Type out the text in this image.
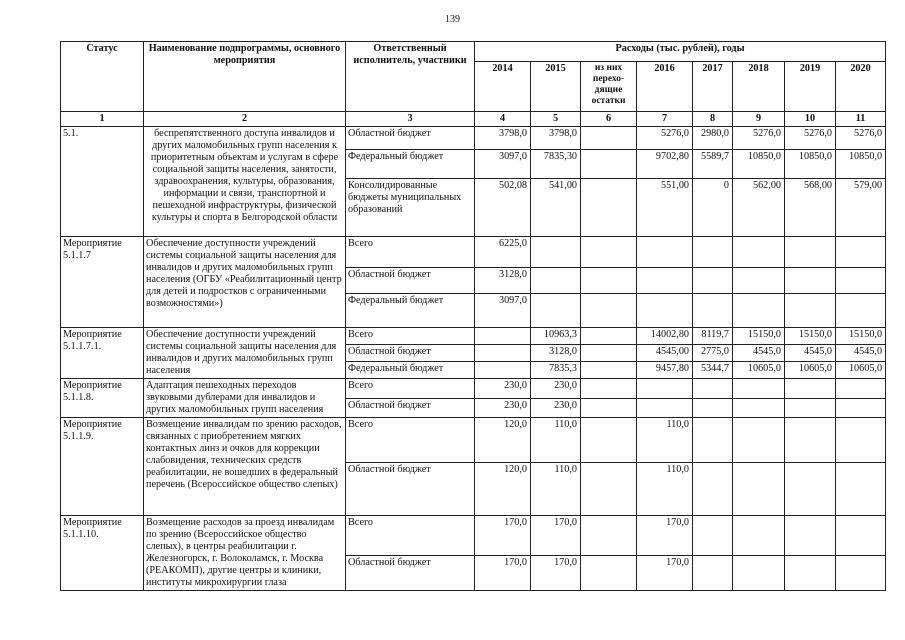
139
Статус	Наименование подпрограммы, основного мероприятия	Ответственный исполнитель, участники	Расходы (тыс. рублей), годы							
			2014	2015	из них перехо-дящие остатки	2016	2017	2018	2019	2020
1	2	3	4	5	6	7	8	9	10	11
5.1.	беспрепятственного доступа инвалидов и других маломобильных групп населения к приоритетным объектам и услугам в сфере социальной защиты населения, занятости, здравоохранения, культуры, образования, информации и связи, транспортной и пешеходной инфраструктуры, физической культуры и спорта в Белгородской области	Областной бюджет	3798,0	3798,0		5276,0	2980,0	5276,0	5276,0	5276,0
		Федеральный бюджет	3097,0	7835,30		9702,80	5589,7	10850,0	10850,0	10850,0
		Консолидированные бюджеты муниципальных образований	502,08	541,00		551,00	0	562,00	568,00	579,00
Мероприятие 5.1.1.7	Обеспечение доступности учреждений системы социальной защиты населения для инвалидов и других маломобильных групп населения (ОГБУ «Реабилитационный центр для детей и подростков с ограниченными возможностями»)	Всего	6225,0							
		Областной бюджет	3128,0							
		Федеральный бюджет	3097,0							
Мероприятие 5.1.1.7.1.	Обеспечение доступности учреждений системы социальной защиты населения для инвалидов и других маломобильных групп населения	Всего		10963,3		14002,80	8119,7	15150,0	15150,0	15150,0
		Областной бюджет		3128,0		4545,00	2775,0	4545,0	4545,0	4545,0
		Федеральный бюджет		7835,3		9457,80	5344,7	10605,0	10605,0	10605,0
Мероприятие 5.1.1.8.	Адаптация пешеходных переходов звуковыми дублерами для инвалидов и других маломобильных групп населения	Всего	230,0	230,0						
		Областной бюджет	230,0	230,0						
Мероприятие 5.1.1.9.	Возмещение инвалидам по зрению расходов, связанных с приобретением мягких контактных линз и очков для коррекции слабовидения, технических средств реабилитации, не вошедших в федеральный перечень (Всероссийское общество слепых)	Всего	120,0	110,0		110,0				
		Областной бюджет	120,0	110,0		110,0				
Мероприятие 5.1.1.10.	Возмещение расходов за проезд инвалидам по зрению (Всероссийское общество слепых), в центры реабилитации г. Железногорск, г. Волоколамск, г. Москва (РЕАКОМП), другие центры и клиники, институты микрохирургии глаза	Всего	170,0	170,0		170,0				
		Областной бюджет	170,0	170,0		170,0				
